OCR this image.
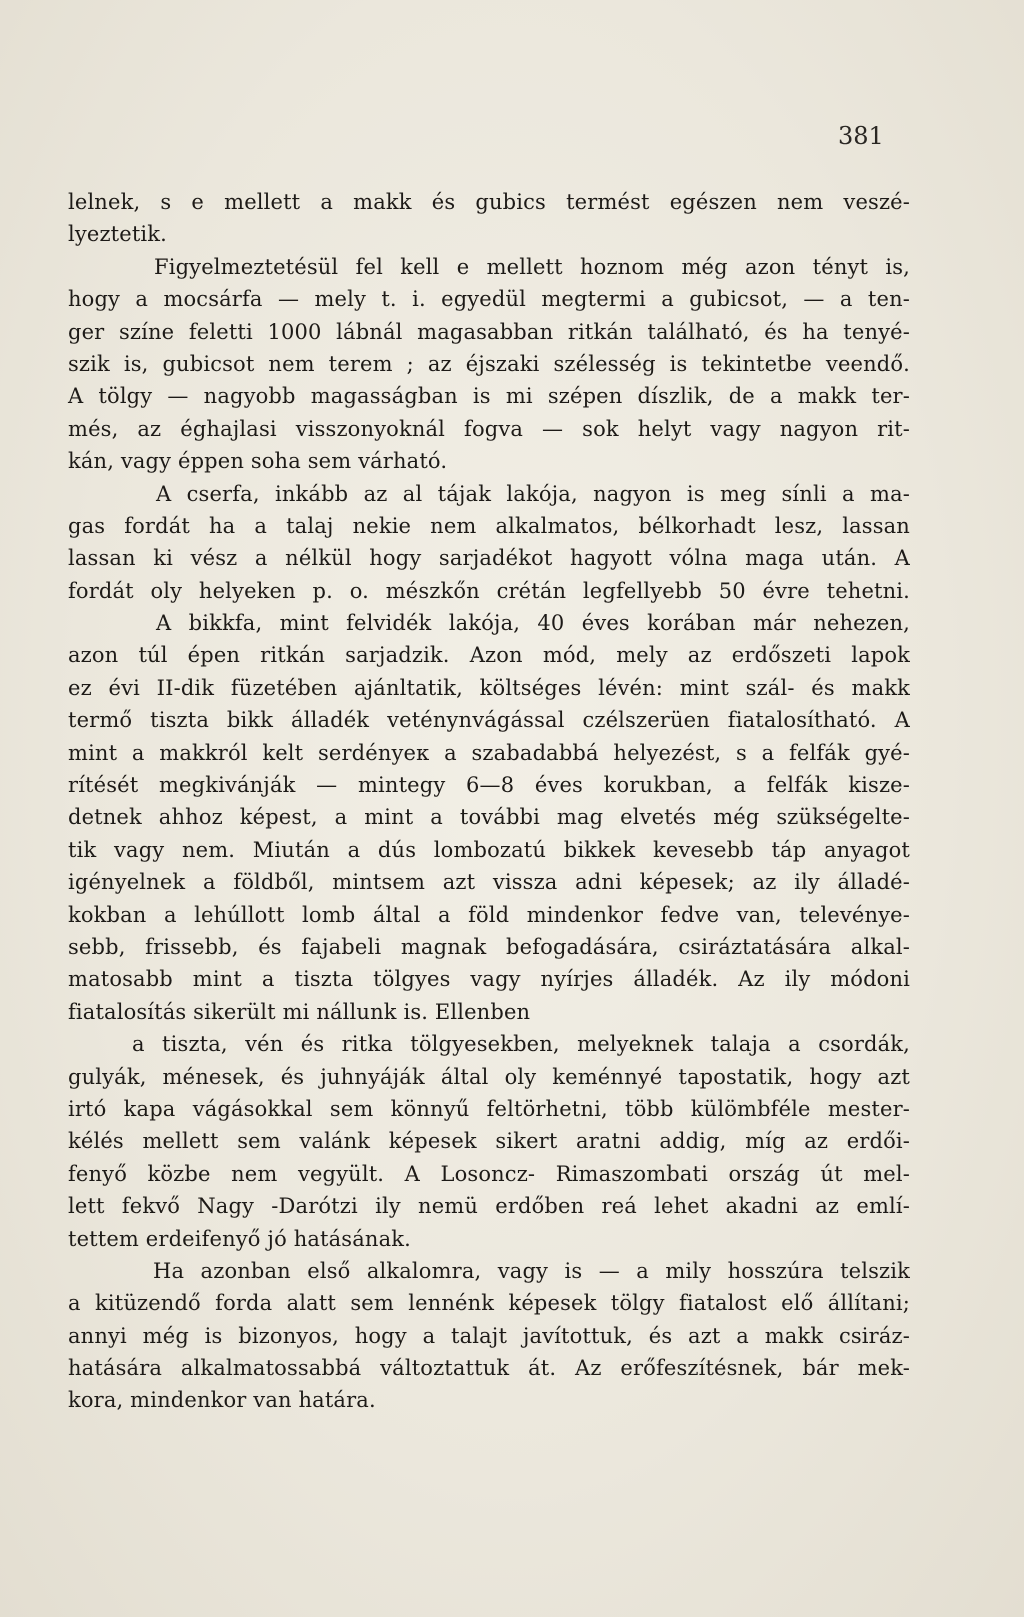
381
lelnek, s e mellett a makk és gubics termést egészen nem veszé-
lyeztetik.
Figyelmeztetésül fel kell e mellett hoznom még azon tényt is,
hogy a mocsárfa — mely t. i. egyedül megtermi a gubicsot, — a ten-
ger színe feletti 1000 lábnál magasabban ritkán található, és ha tenyé-
szik is, gubicsot nem terem ; az éjszaki szélesség is tekintetbe veendő.
A tölgy — nagyobb magasságban is mi szépen díszlik, de a makk ter-
més, az éghajlasi visszonyoknál fogva — sok helyt vagy nagyon rit-
kán, vagy éppen soha sem várható.
A cserfa, inkább az al tájak lakója, nagyon is meg sínli a ma-
gas fordát ha a talaj nekie nem alkalmatos, bélkorhadt lesz, lassan
lassan ki vész a nélkül hogy sarjadékot hagyott vólna maga után. A
fordát oly helyeken p. o. mészkőn crétán legfellyebb 50 évre tehetni.
A bikkfa, mint felvidék lakója, 40 éves korában már nehezen,
azon túl épen ritkán sarjadzik. Azon mód, mely az erdőszeti lapok
ez évi II-dik füzetében ajánltatik, költséges lévén: mint szál- és makk
termő tiszta bikk álladék veténynvágással czélszerüen fiatalosítható. A
mint a makkról kelt serdényeк a szabadabbá helyezést, s a felfák gyé-
rítését megkivánják — mintegy 6—8 éves korukban, a felfák kisze-
detnek ahhoz képest, a mint a további mag elvetés még szükségelte-
tik vagy nem. Miután a dús lombozatú bikkek kevesebb táp anyagot
igényelnek a földből, mintsem azt vissza adni képesek; az ily álladé-
kokban a lehúllott lomb által a föld mindenkor fedve van, televénye-
sebb, frissebb, és fajabeli magnak befogadására, csiráztatására alkal-
matosabb mint a tiszta tölgyes vagy nyírjes álladék. Az ily módoni
fiatalosítás sikerült mi nállunk is. Ellenben
a tiszta, vén és ritka tölgyesekben, melyeknek talaja a csordák,
gulyák, ménesek, és juhnyáják által oly keménnyé tapostatik, hogy azt
irtó kapa vágásokkal sem könnyű feltörhetni, több külömbféle mester-
kélés mellett sem valánk képesek sikert aratni addig, míg az erdői-
fenyő közbe nem vegyült. A Losoncz- Rimaszombati ország út mel-
lett fekvő Nagy -Darótzi ily nemü erdőben reá lehet akadni az emlí-
tettem erdeifenyő jó hatásának.
Ha azonban első alkalomra, vagy is — a mily hosszúra telszik
a kitüzendő forda alatt sem lennénk képesek tölgy fiatalost elő állítani;
annyi még is bizonyos, hogy a talajt javítottuk, és azt a makk csiráz-
hatására alkalmatossabbá változtattuk át. Az erőfeszítésnek, bár mek-
kora, mindenkor van határa.
